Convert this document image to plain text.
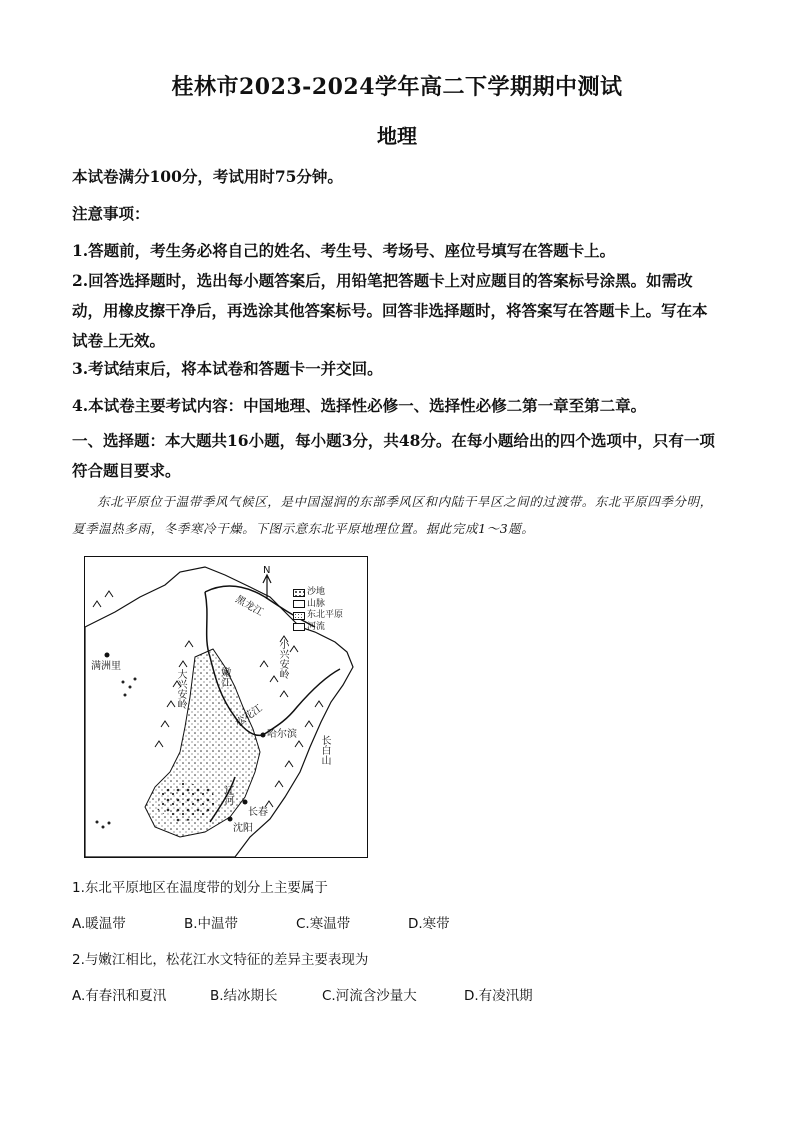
桂林市2023-2024学年高二下学期期中测试
地理
本试卷满分100分，考试用时75分钟。
注意事项：
1.答题前，考生务必将自己的姓名、考生号、考场号、座位号填写在答题卡上。
2.回答选择题时，选出每小题答案后，用铅笔把答题卡上对应题目的答案标号涂黑。如需改动，用橡皮擦干净后，再选涂其他答案标号。回答非选择题时，将答案写在答题卡上。写在本试卷上无效。
3.考试结束后，将本试卷和答题卡一并交回。
4.本试卷主要考试内容：中国地理、选择性必修一、选择性必修二第一章至第二章。
一、选择题：本大题共16小题，每小题3分，共48分。在每小题给出的四个选项中，只有一项符合题目要求。
东北平原位于温带季风气候区，是中国湿润的东部季风区和内陆干旱区之间的过渡带。东北平原四季分明，夏季温热多雨，冬季寒冷干燥。下图示意东北平原地理位置。据此完成1～3题。
N
沙地
山脉
东北平原
河流
满洲里
哈尔滨
长春
沈阳
嫩江
松花江
黑龙江
辽河
大兴安岭
小兴安岭
长白山
1.东北平原地区在温度带的划分上主要属于
A.暖温带	B.中温带	C.寒温带	D.寒带
2.与嫩江相比，松花江水文特征的差异主要表现为
A.有春汛和夏汛	B.结冰期长	C.河流含沙量大	D.有凌汛期
